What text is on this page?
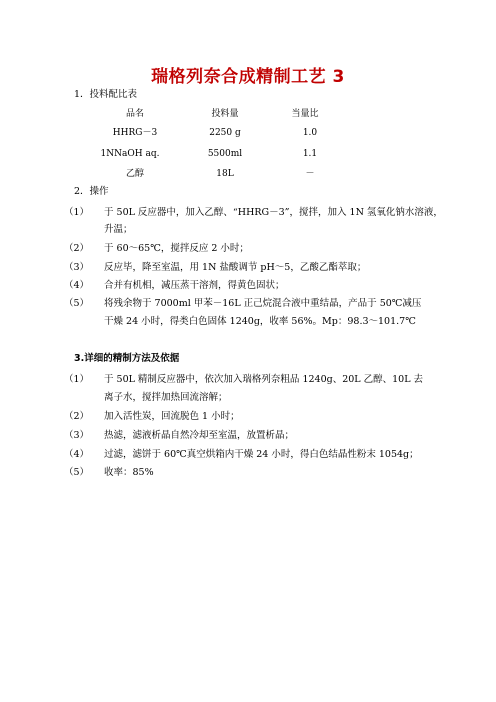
瑞格列奈合成精制工艺 3
1．投料配比表
品名	投料量	当量比
HHRG－3	2250 g	1.0
1NNaOH aq.	5500ml	1.1
乙醇	18L	－
2．操作
（1） 于 50L 反应器中，加入乙醇、“HHRG－3”，搅拌，加入 1N 氢氧化钠水溶液，
升温；
（2） 于 60～65℃，搅拌反应 2 小时；
（3） 反应毕，降至室温，用 1N 盐酸调节 pH～5，乙酸乙酯萃取；
（4） 合并有机相，减压蒸干溶剂，得黄色固状；
（5） 将残余物于 7000ml 甲苯－16L 正己烷混合液中重结晶，产品于 50℃减压
干燥 24 小时，得类白色固体 1240g，收率 56%。Mp：98.3～101.7℃
3.详细的精制方法及依据
（1） 于 50L 精制反应器中，依次加入瑞格列奈粗品 1240g、20L 乙醇、10L 去
离子水，搅拌加热回流溶解；
（2） 加入活性炭，回流脱色 1 小时；
（3） 热滤，滤液析晶自然冷却至室温，放置析晶；
（4） 过滤，滤饼于 60℃真空烘箱内干燥 24 小时，得白色结晶性粉末 1054g；
（5） 收率：85%
